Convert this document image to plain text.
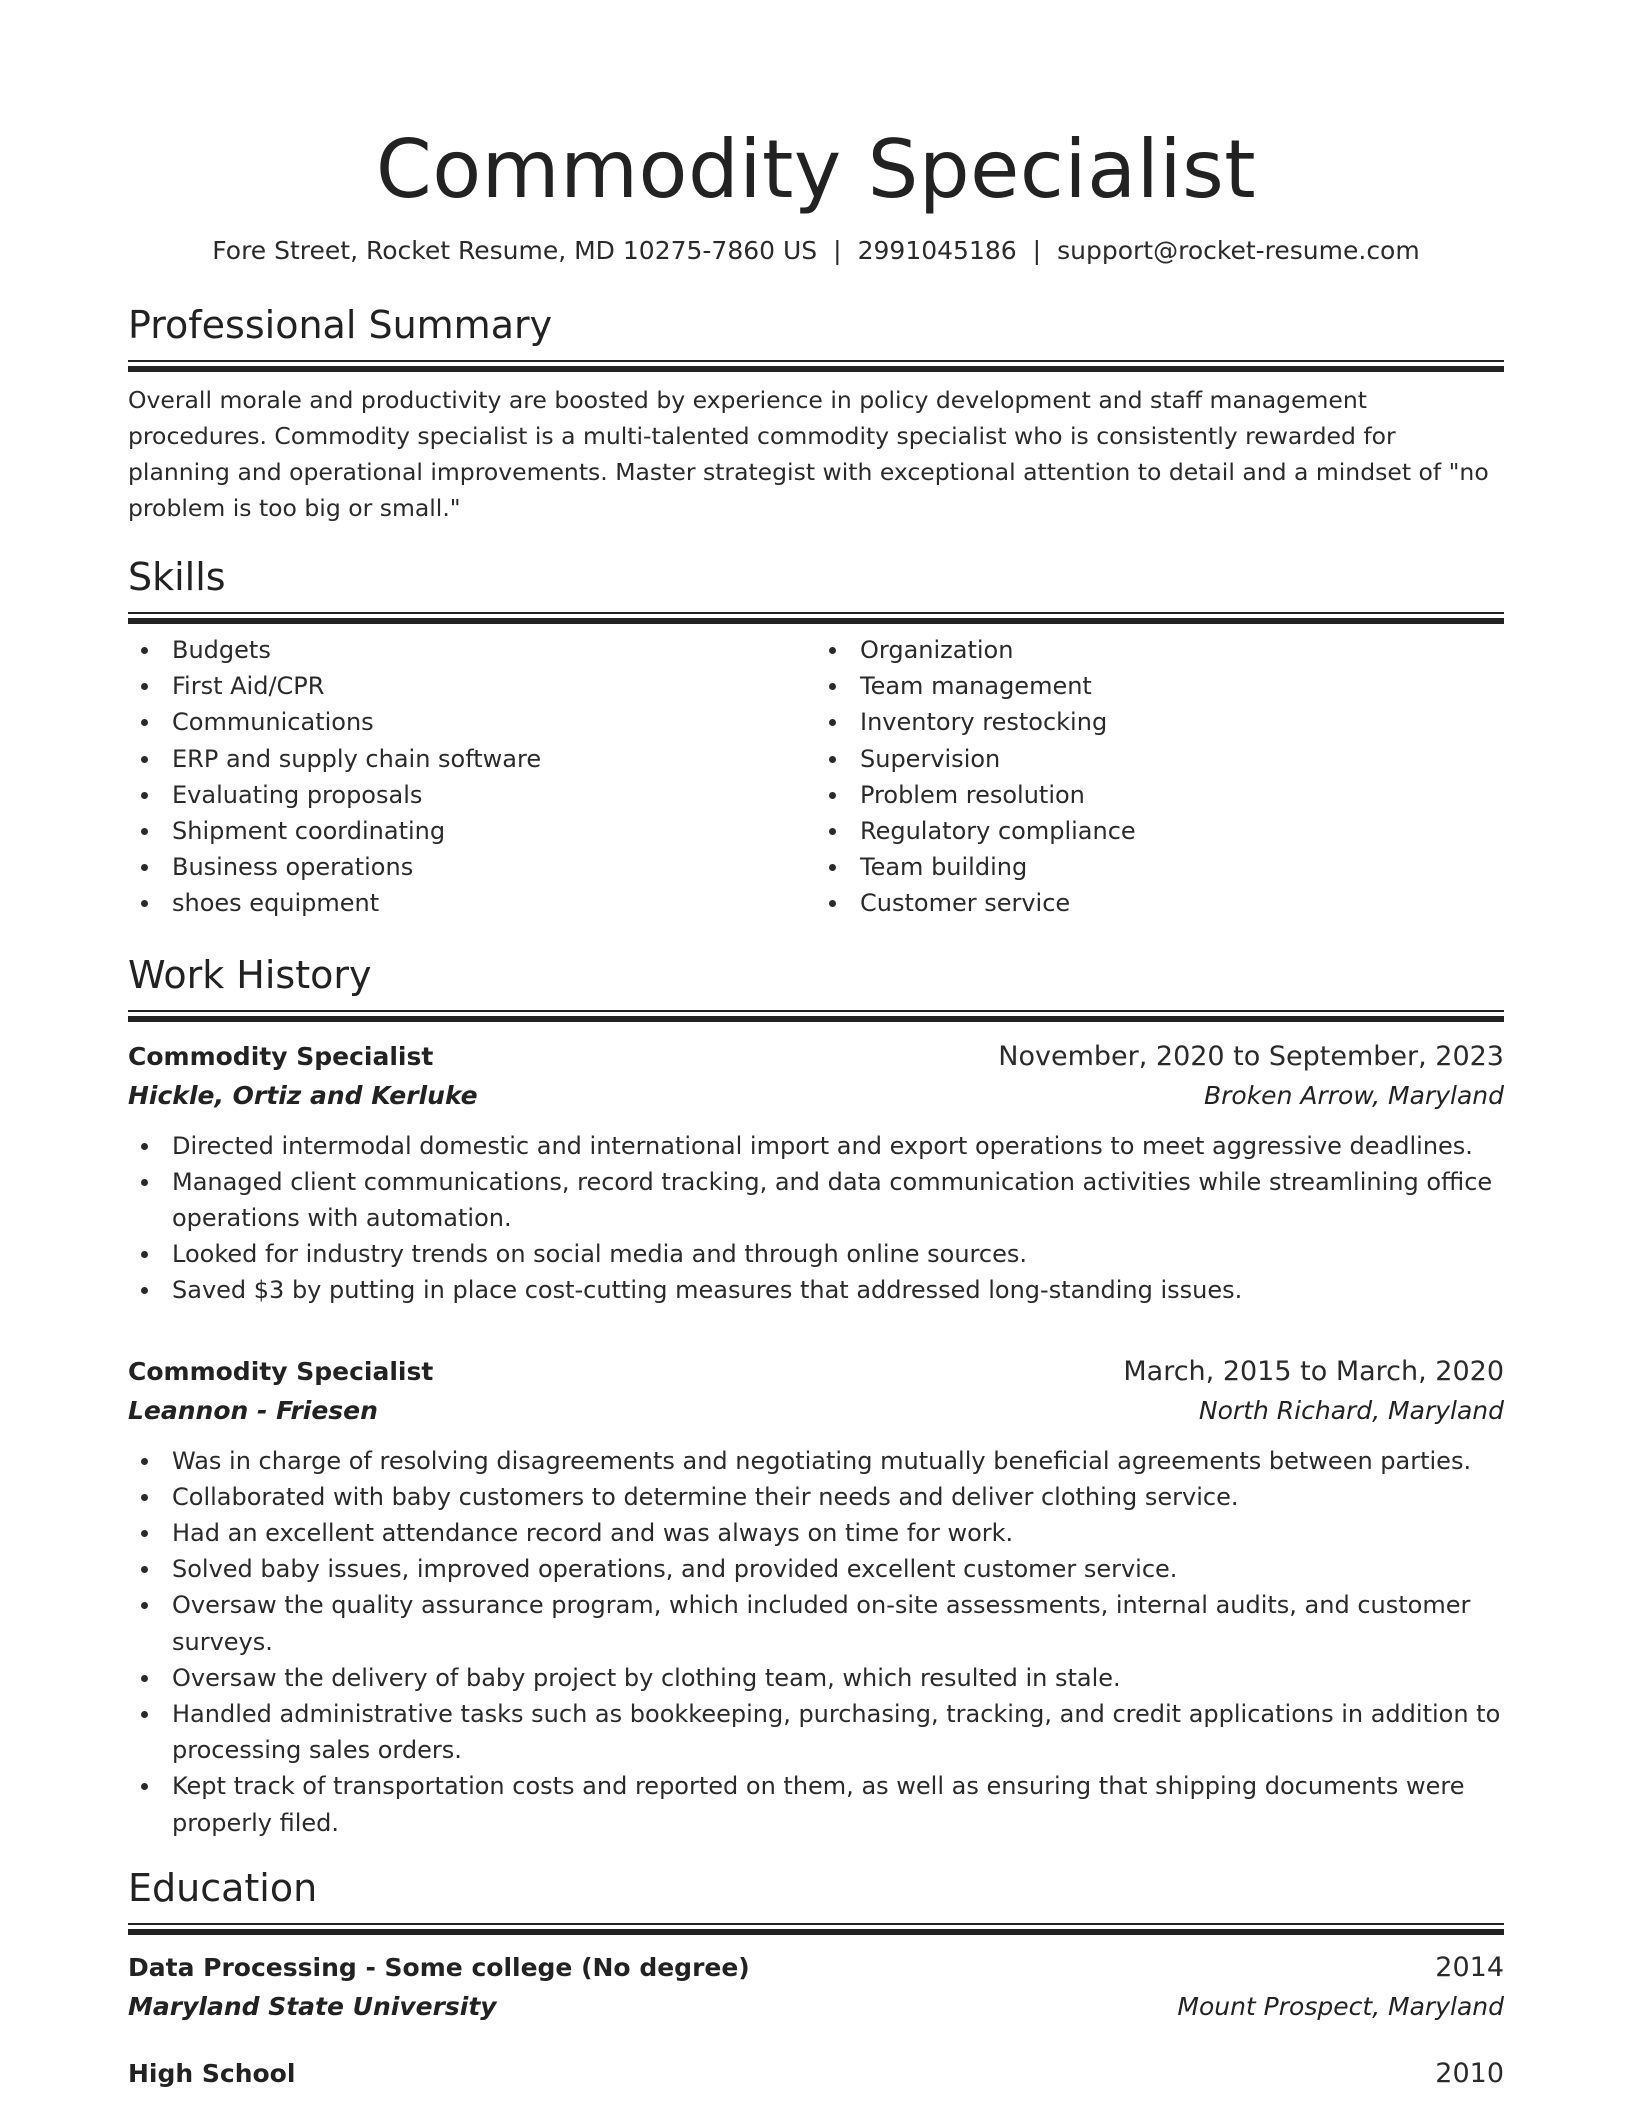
Commodity Specialist
Fore Street, Rocket Resume, MD 10275-7860 US | 2991045186 | support@rocket-resume.com
Professional Summary

Overall morale and productivity are boosted by experience in policy development and staff management procedures. Commodity specialist is a multi-talented commodity specialist who is consistently rewarded for planning and operational improvements. Master strategist with exceptional attention to detail and a mindset of "no problem is too big or small."

Skills
Budgets
First Aid/CPR
Communications
ERP and supply chain software
Evaluating proposals
Shipment coordinating
Business operations
shoes equipment
Organization
Team management
Inventory restocking
Supervision
Problem resolution
Regulatory compliance
Team building
Customer service
Work History
Commodity Specialist	November, 2020 to September, 2023
Hickle, Ortiz and Kerluke	Broken Arrow, Maryland
Directed intermodal domestic and international import and export operations to meet aggressive deadlines.
Managed client communications, record tracking, and data communication activities while streamlining office operations with automation.
Looked for industry trends on social media and through online sources.
Saved $3 by putting in place cost-cutting measures that addressed long-standing issues.
Commodity Specialist	March, 2015 to March, 2020
Leannon - Friesen	North Richard, Maryland
Was in charge of resolving disagreements and negotiating mutually beneficial agreements between parties.
Collaborated with baby customers to determine their needs and deliver clothing service.
Had an excellent attendance record and was always on time for work.
Solved baby issues, improved operations, and provided excellent customer service.
Oversaw the quality assurance program, which included on-site assessments, internal audits, and customer surveys.
Oversaw the delivery of baby project by clothing team, which resulted in stale.
Handled administrative tasks such as bookkeeping, purchasing, tracking, and credit applications in addition to processing sales orders.
Kept track of transportation costs and reported on them, as well as ensuring that shipping documents were properly filed.
Education
Data Processing - Some college (No degree)	2014
Maryland State University	Mount Prospect, Maryland
High School	2010
